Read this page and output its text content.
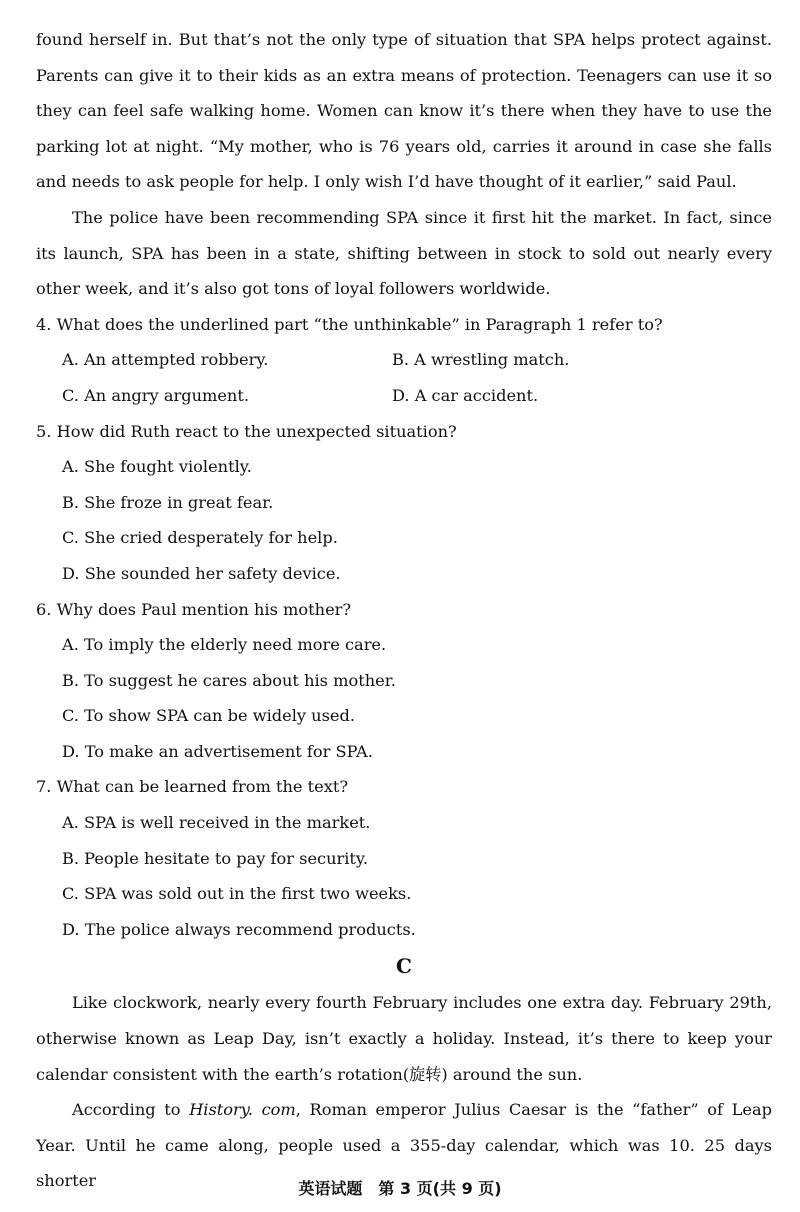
found herself in. But that’s not the only type of situation that SPA helps protect against. Parents can give it to their kids as an extra means of protection. Teenagers can use it so they can feel safe walking home. Women can know it’s there when they have to use the parking lot at night. “My mother, who is 76 years old, carries it around in case she falls and needs to ask people for help. I only wish I’d have thought of it earlier,” said Paul.

The police have been recommending SPA since it first hit the market. In fact, since its launch, SPA has been in a state, shifting between in stock to sold out nearly every other week, and it’s also got tons of loyal followers worldwide.

4. What does the underlined part “the unthinkable” in Paragraph 1 refer to?

A. An attempted robbery.	B. A wrestling match.

C. An angry argument.	D. A car accident.

5. How did Ruth react to the unexpected situation?

A. She fought violently.

B. She froze in great fear.

C. She cried desperately for help.

D. She sounded her safety device.

6. Why does Paul mention his mother?

A. To imply the elderly need more care.

B. To suggest he cares about his mother.

C. To show SPA can be widely used.

D. To make an advertisement for SPA.

7. What can be learned from the text?

A. SPA is well received in the market.

B. People hesitate to pay for security.

C. SPA was sold out in the first two weeks.

D. The police always recommend products.

C

Like clockwork, nearly every fourth February includes one extra day. February 29th, otherwise known as Leap Day, isn’t exactly a holiday. Instead, it’s there to keep your calendar consistent with the earth’s rotation(旋转) around the sun.

According to History. com, Roman emperor Julius Caesar is the “father” of Leap Year. Until he came along, people used a 355-day calendar, which was 10. 25 days shorter	英语试题　第 3 页(共 9 页)
